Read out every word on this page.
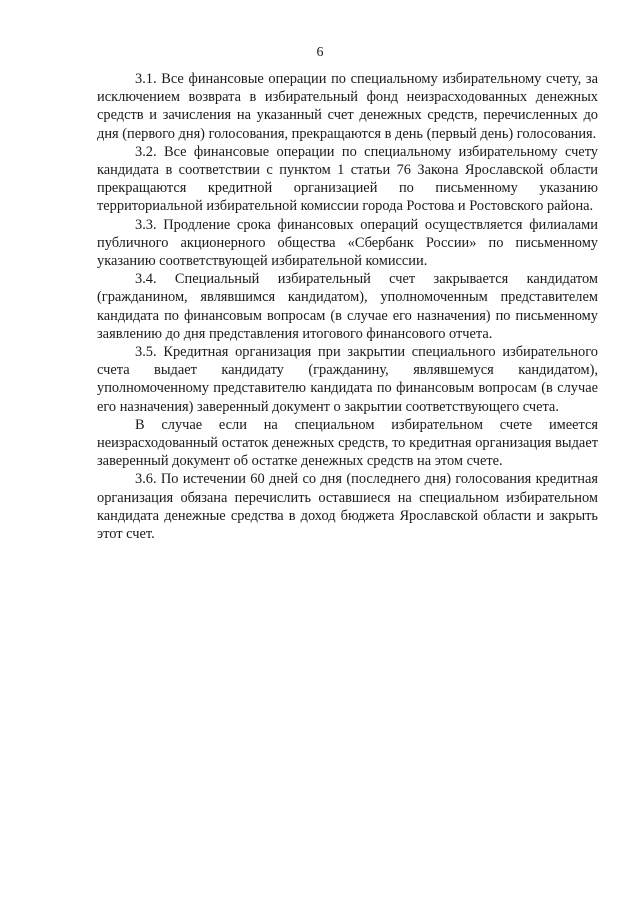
6

3.1. Все финансовые операции по специальному избирательному счету, за исключением возврата в избирательный фонд неизрасходованных денежных средств и зачисления на указанный счет денежных средств, перечисленных до дня (первого дня) голосования, прекращаются в день (первый день) голосования.

3.2. Все финансовые операции по специальному избирательному счету кандидата в соответствии с пунктом 1 статьи 76 Закона Ярославской области прекращаются кредитной организацией по письменному указанию территориальной избирательной комиссии города Ростова и Ростовского района.

3.3. Продление срока финансовых операций осуществляется филиалами публичного акционерного общества «Сбербанк России» по письменному указанию соответствующей избирательной комиссии.

3.4. Специальный избирательный счет закрывается кандидатом (гражданином, являвшимся кандидатом), уполномоченным представителем кандидата по финансовым вопросам (в случае его назначения) по письменному заявлению до дня представления итогового финансового отчета.

3.5. Кредитная организация при закрытии специального избирательного счета выдает кандидату (гражданину, являвшемуся кандидатом), уполномоченному представителю кандидата по финансовым вопросам (в случае его назначения) заверенный документ о закрытии соответствующего счета.

В случае если на специальном избирательном счете имеется неизрасходованный остаток денежных средств, то кредитная организация выдает заверенный документ об остатке денежных средств на этом счете.

3.6. По истечении 60 дней со дня (последнего дня) голосования кредитная организация обязана перечислить оставшиеся на специальном избирательном кандидата денежные средства в доход бюджета Ярославской области и закрыть этот счет.
